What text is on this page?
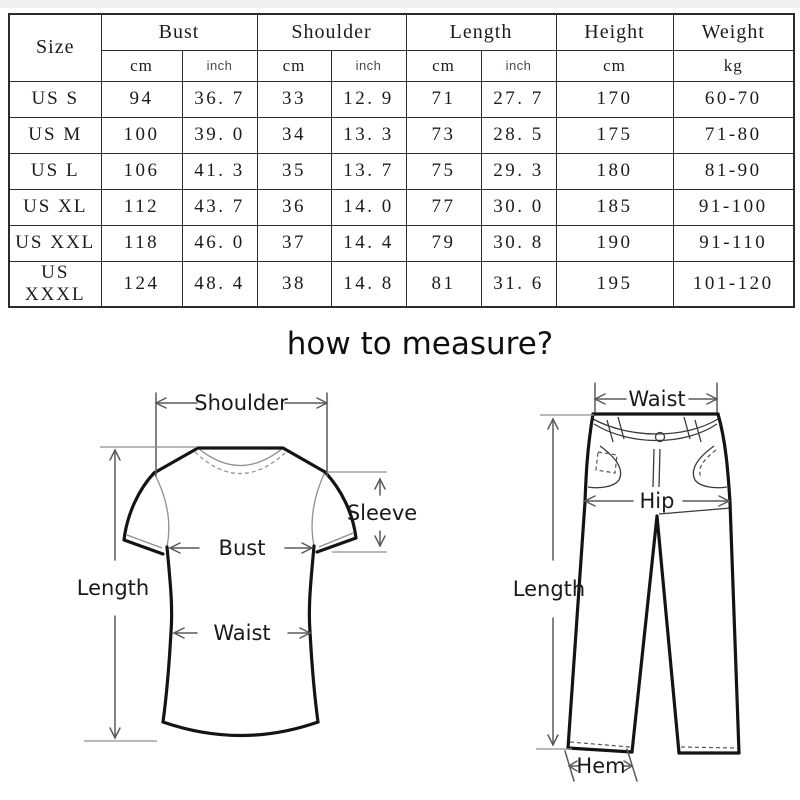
Size	Bust		Shoulder		Length		Height	Weight
	cm	inch	cm	inch	cm	inch	cm	kg
US S	94	36. 7	33	12. 9	71	27. 7	170	60-70
US M	100	39. 0	34	13. 3	73	28. 5	175	71-80
US L	106	41. 3	35	13. 7	75	29. 3	180	81-90
US XL	112	43. 7	36	14. 0	77	30. 0	185	91-100
US XXL	118	46. 0	37	14. 4	79	30. 8	190	91-110
US XXXL	124	48. 4	38	14. 8	81	31. 6	195	101-120
how to measure?
Shoulder
Sleeve
Bust
Waist
Length
Waist
Hip
Length
Hem
